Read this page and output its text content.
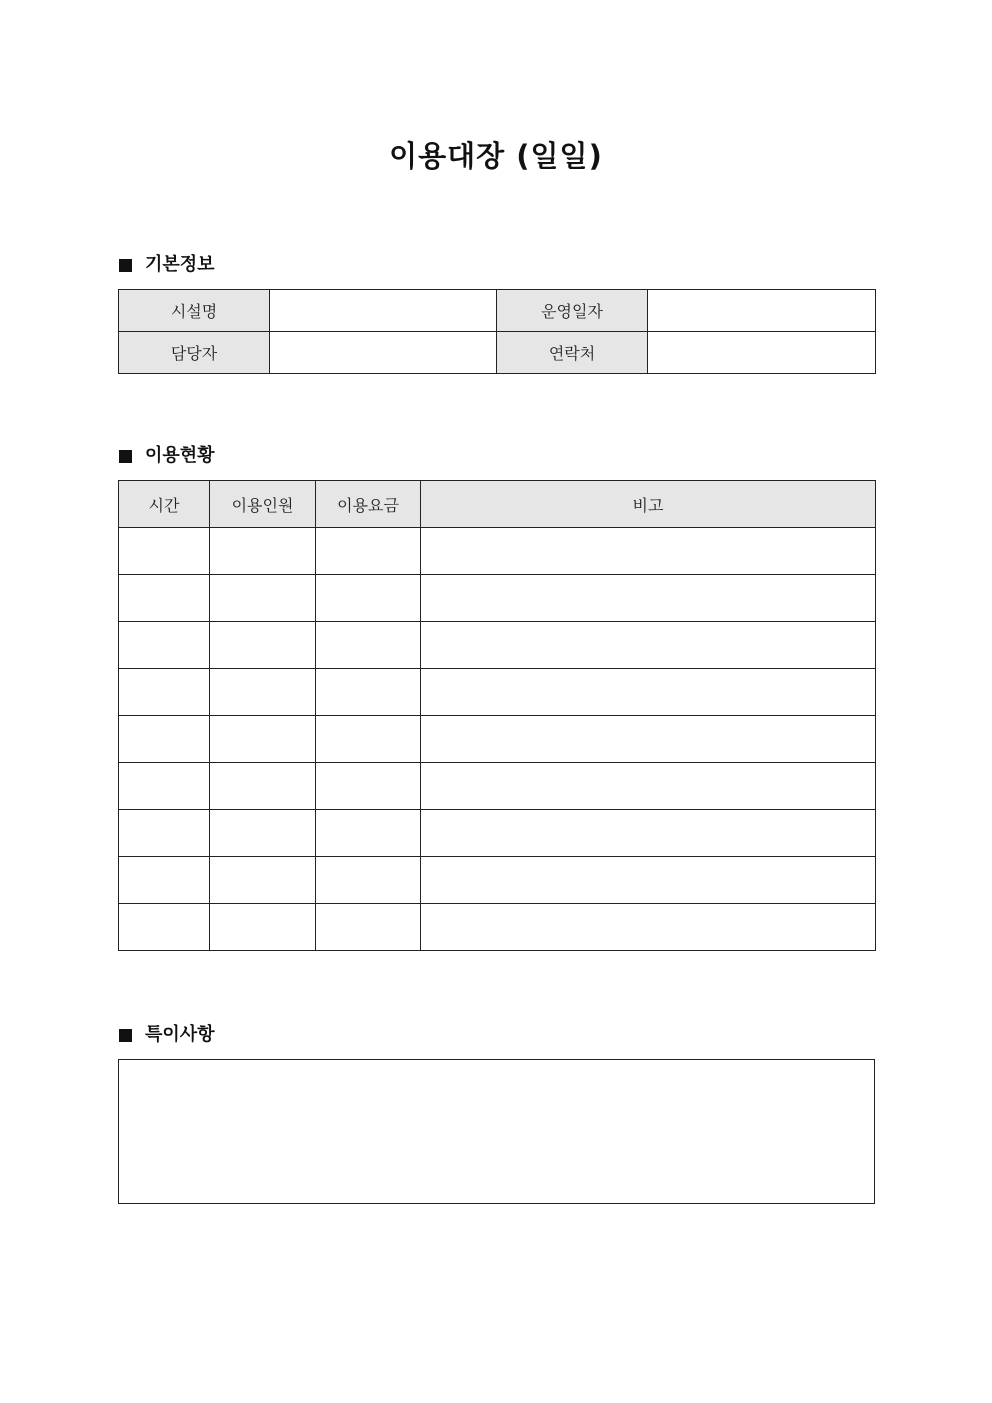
이용대장 (일일)
기본정보
시설명		운영일자	
담당자		연락처	
이용현황
시간	이용인원	이용요금	비고

특이사항
